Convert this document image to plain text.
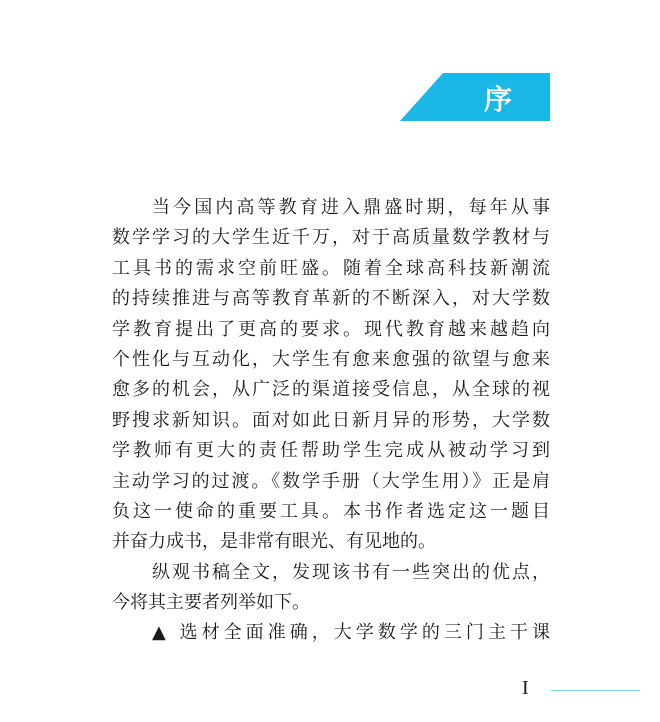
序
当今国内高等教育进入鼎盛时期，每年从事
数学学习的大学生近千万，对于高质量数学教材与
工具书的需求空前旺盛。随着全球高科技新潮流
的持续推进与高等教育革新的不断深入，对大学数
学教育提出了更高的要求。现代教育越来越趋向
个性化与互动化，大学生有愈来愈强的欲望与愈来
愈多的机会，从广泛的渠道接受信息，从全球的视
野搜求新知识。面对如此日新月异的形势，大学数
学教师有更大的责任帮助学生完成从被动学习到
主动学习的过渡。《数学手册（大学生用）》正是肩
负这一使命的重要工具。本书作者选定这一题目
并奋力成书，是非常有眼光、有见地的。
纵观书稿全文，发现该书有一些突出的优点，
今将其主要者列举如下。
▲ 选材全面准确，大学数学的三门主干课
I
